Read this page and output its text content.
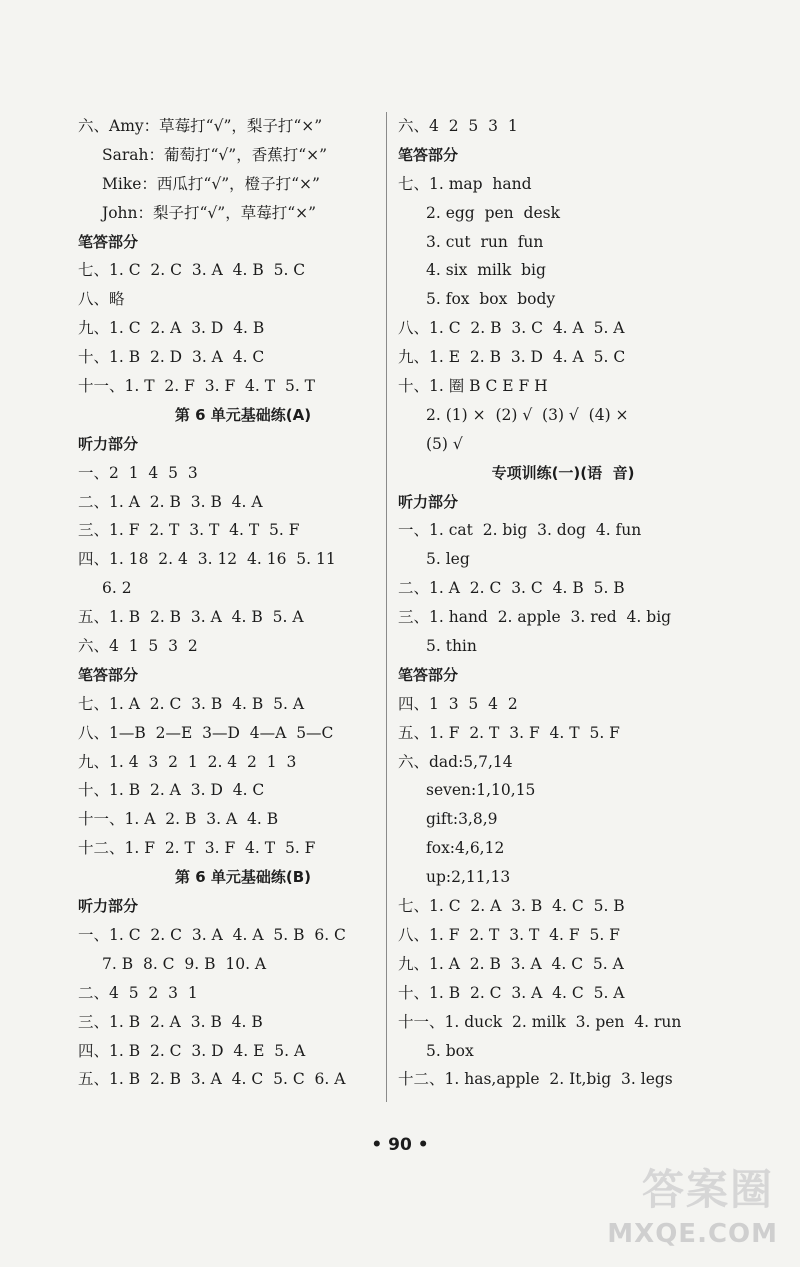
六、Amy：草莓打“√”，梨子打“×”
Sarah：葡萄打“√”，香蕉打“×”
Mike：西瓜打“√”，橙子打“×”
John：梨子打“√”，草莓打“×”
笔答部分
七、1. C  2. C  3. A  4. B  5. C
八、略
九、1. C  2. A  3. D  4. B
十、1. B  2. D  3. A  4. C
十一、1. T  2. F  3. F  4. T  5. T
第 6 单元基础练(A)
听力部分
一、2  1  4  5  3
二、1. A  2. B  3. B  4. A
三、1. F  2. T  3. T  4. T  5. F
四、1. 18  2. 4  3. 12  4. 16  5. 11
6. 2
五、1. B  2. B  3. A  4. B  5. A
六、4  1  5  3  2
笔答部分
七、1. A  2. C  3. B  4. B  5. A
八、1—B  2—E  3—D  4—A  5—C
九、1. 4  3  2  1  2. 4  2  1  3
十、1. B  2. A  3. D  4. C
十一、1. A  2. B  3. A  4. B
十二、1. F  2. T  3. F  4. T  5. F
第 6 单元基础练(B)
听力部分
一、1. C  2. C  3. A  4. A  5. B  6. C
7. B  8. C  9. B  10. A
二、4  5  2  3  1
三、1. B  2. A  3. B  4. B
四、1. B  2. C  3. D  4. E  5. A
五、1. B  2. B  3. A  4. C  5. C  6. A
六、4  2  5  3  1
笔答部分
七、1. map  hand
2. egg  pen  desk
3. cut  run  fun
4. six  milk  big
5. fox  box  body
八、1. C  2. B  3. C  4. A  5. A
九、1. E  2. B  3. D  4. A  5. C
十、1. 圈 B C E F H
2. (1) ×  (2) √  (3) √  (4) ×
(5) √
专项训练(一)(语  音)
听力部分
一、1. cat  2. big  3. dog  4. fun
5. leg
二、1. A  2. C  3. C  4. B  5. B
三、1. hand  2. apple  3. red  4. big
5. thin
笔答部分
四、1  3  5  4  2
五、1. F  2. T  3. F  4. T  5. F
六、dad:5,7,14
seven:1,10,15
gift:3,8,9
fox:4,6,12
up:2,11,13
七、1. C  2. A  3. B  4. C  5. B
八、1. F  2. T  3. T  4. F  5. F
九、1. A  2. B  3. A  4. C  5. A
十、1. B  2. C  3. A  4. C  5. A
十一、1. duck  2. milk  3. pen  4. run
5. box
十二、1. has,apple  2. It,big  3. legs
• 90 •
答案圈
MXQE.COM
